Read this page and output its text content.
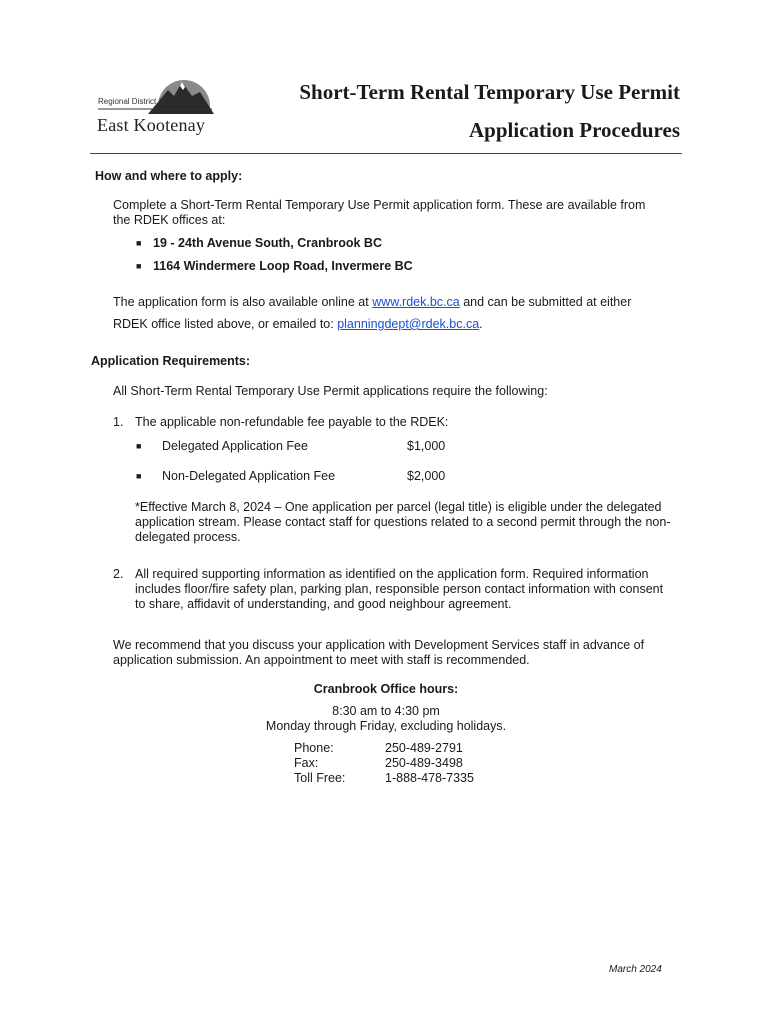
Regional District of
East Kootenay
Short-Term Rental Temporary Use Permit
Application Procedures
How and where to apply:
Complete a Short-Term Rental Temporary Use Permit application form. These are available from
the RDEK offices at:
■ 19 - 24th Avenue South, Cranbrook BC
■ 1164 Windermere Loop Road, Invermere BC
The application form is also available online at www.rdek.bc.ca and can be submitted at either
RDEK office listed above, or emailed to: planningdept@rdek.bc.ca.
Application Requirements:
All Short-Term Rental Temporary Use Permit applications require the following:
1. The applicable non-refundable fee payable to the RDEK:
■ Delegated Application Fee	$1,000
■ Non-Delegated Application Fee	$2,000
*Effective March 8, 2024 – One application per parcel (legal title) is eligible under the delegated
application stream. Please contact staff for questions related to a second permit through the non-
delegated process.
2. All required supporting information as identified on the application form. Required information
includes floor/fire safety plan, parking plan, responsible person contact information with consent
to share, affidavit of understanding, and good neighbour agreement.
We recommend that you discuss your application with Development Services staff in advance of
application submission. An appointment to meet with staff is recommended.
Cranbrook Office hours:
8:30 am to 4:30 pm
Monday through Friday, excluding holidays.
Phone:	250-489-2791
Fax:	250-489-3498
Toll Free:	1-888-478-7335
March 2024
